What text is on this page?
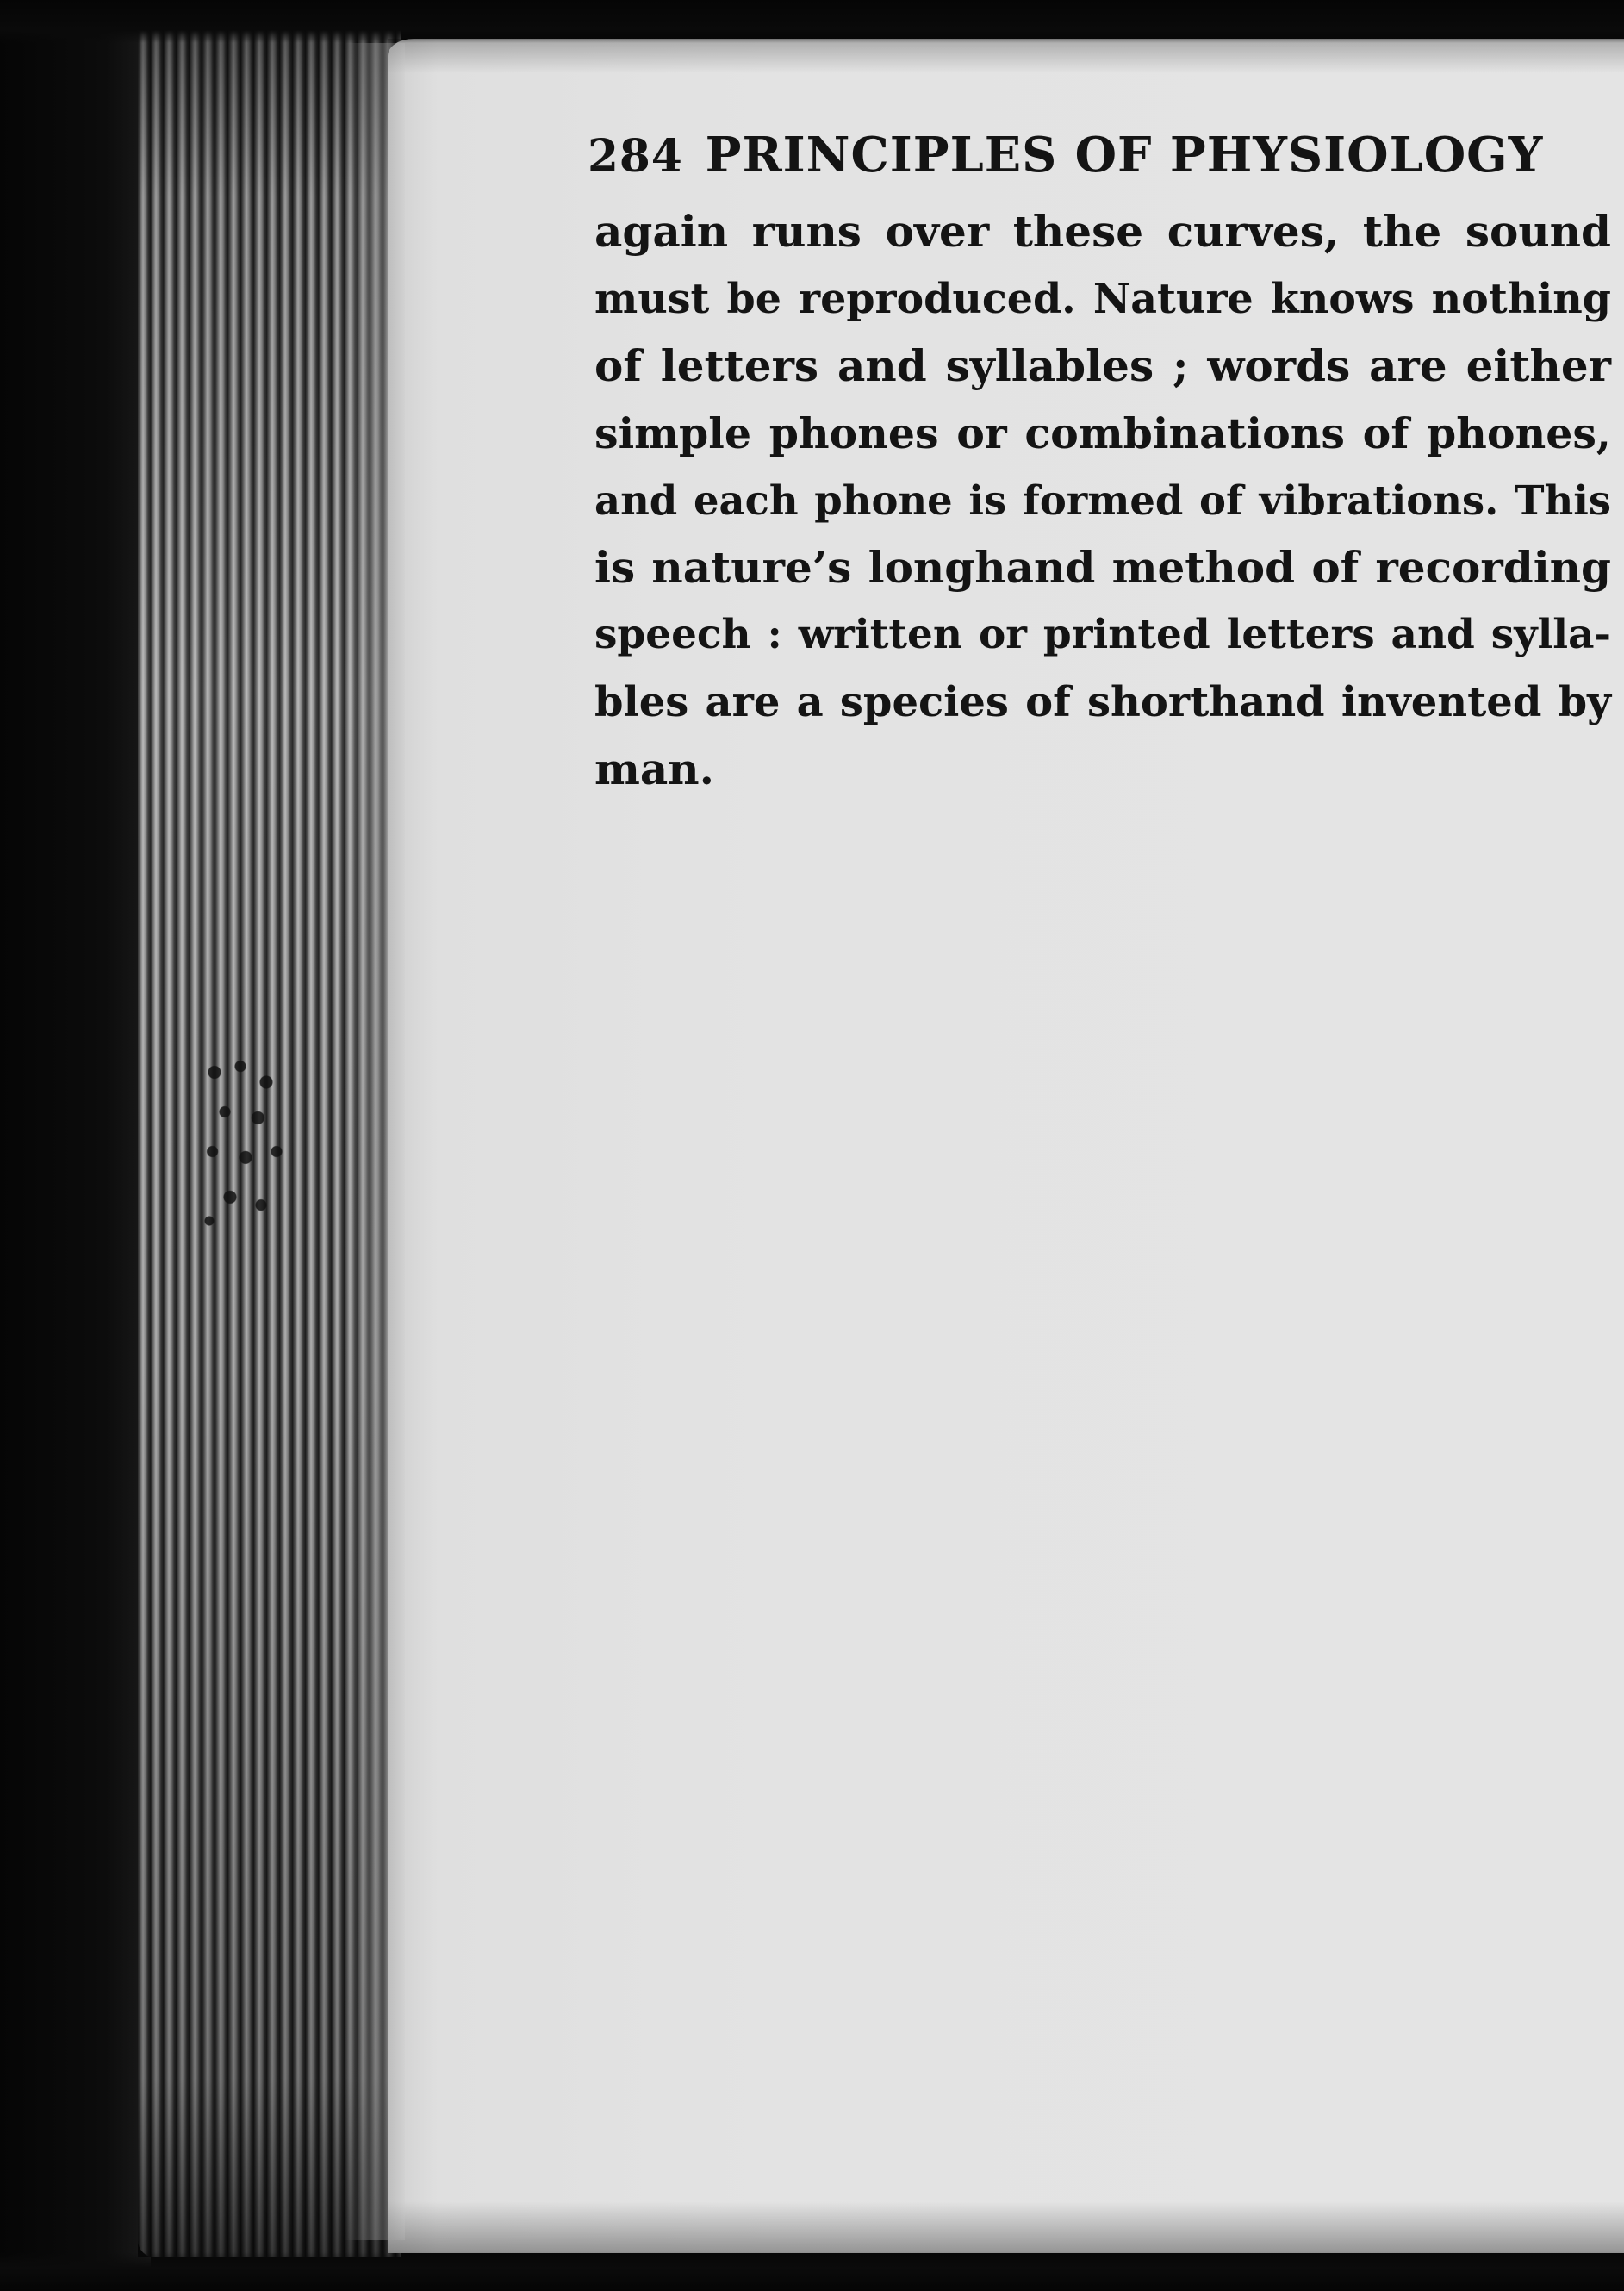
284 PRINCIPLES OF PHYSIOLOGY
again runs over these curves, the sound
must be reproduced. Nature knows nothing
of letters and syllables ; words are either
simple phones or combinations of phones,
and each phone is formed of vibrations. This
is nature’s longhand method of recording
speech : written or printed letters and sylla-
bles are a species of shorthand invented by
man.
